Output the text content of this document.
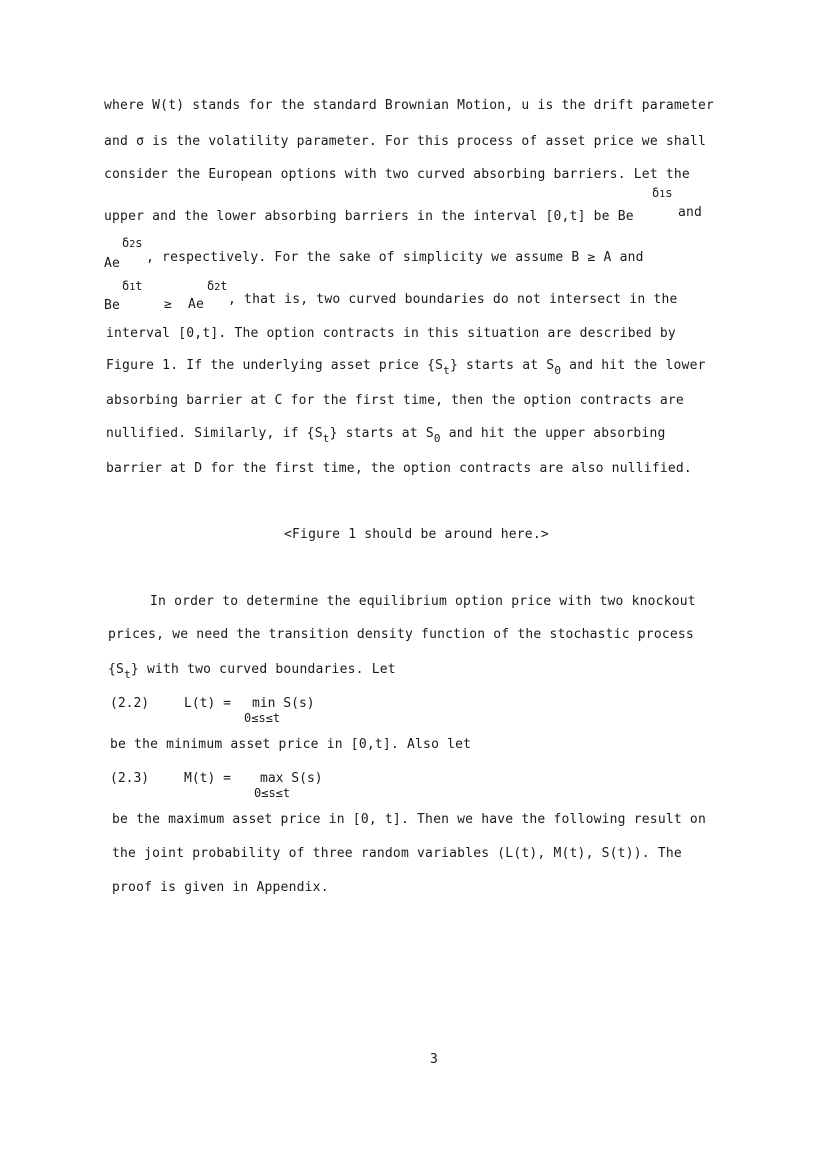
where W(t) stands for the standard Brownian Motion, u is the drift parameter
and σ is the volatility parameter. For this process of asset price we shall
consider the European options with two curved absorbing barriers. Let the
δ1s
upper and the lower absorbing barriers in the interval [0,t] be Be	and
δ2s
Ae , respectively. For the sake of simplicity we assume B ≥ A and
δ1t	δ2t
Be	≥ Ae , that is, two curved boundaries do not intersect in the
interval [0,t]. The option contracts in this situation are described by
Figure 1. If the underlying asset price $\{S_t\}$ starts at $S_0$ and hit the lower
absorbing barrier at C for the first time, then the option contracts are
nullified. Similarly, if $\{S_t\}$ starts at $S_0$ and hit the upper absorbing
barrier at D for the first time, the option contracts are also nullified.
<Figure 1 should be around here.>
In order to determine the equilibrium option price with two knockout
prices, we need the transition density function of the stochastic process
$\{S_t\}$ with two curved boundaries. Let
(2.2)	L(t) = min S(s)
0≤s≤t
be the minimum asset price in [0,t]. Also let
(2.3)	M(t) = max S(s)
0≤s≤t
be the maximum asset price in [0, t]. Then we have the following result on
the joint probability of three random variables (L(t), M(t), S(t)). The
proof is given in Appendix.
3
